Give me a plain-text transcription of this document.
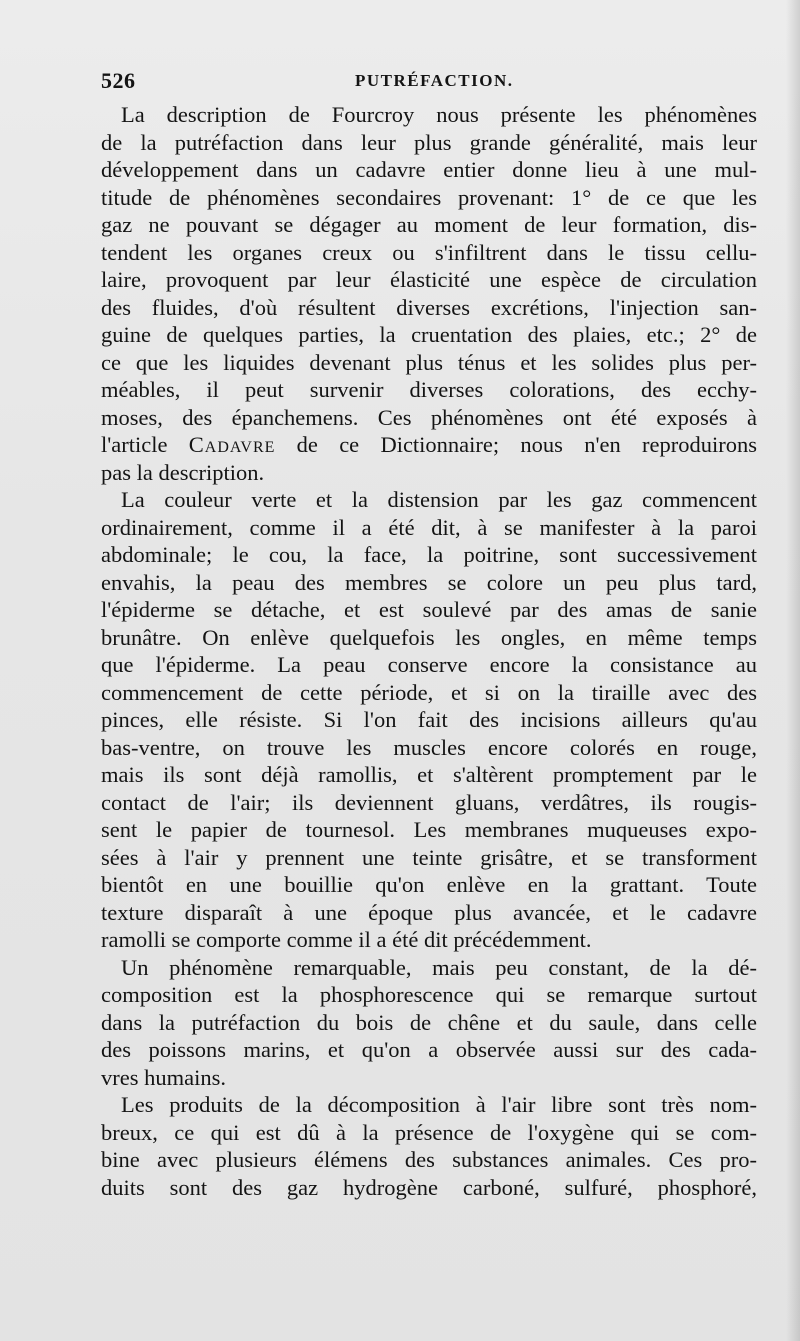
526	PUTRÉFACTION.
La description de Fourcroy nous présente les phénomènes
de la putréfaction dans leur plus grande généralité, mais leur
développement dans un cadavre entier donne lieu à une mul-
titude de phénomènes secondaires provenant: 1° de ce que les
gaz ne pouvant se dégager au moment de leur formation, dis-
tendent les organes creux ou s'infiltrent dans le tissu cellu-
laire, provoquent par leur élasticité une espèce de circulation
des fluides, d'où résultent diverses excrétions, l'injection san-
guine de quelques parties, la cruentation des plaies, etc.; 2° de
ce que les liquides devenant plus ténus et les solides plus per-
méables, il peut survenir diverses colorations, des ecchy-
moses, des épanchemens. Ces phénomènes ont été exposés à
l'article Cadavre de ce Dictionnaire; nous n'en reproduirons
pas la description.
La couleur verte et la distension par les gaz commencent
ordinairement, comme il a été dit, à se manifester à la paroi
abdominale; le cou, la face, la poitrine, sont successivement
envahis, la peau des membres se colore un peu plus tard,
l'épiderme se détache, et est soulevé par des amas de sanie
brunâtre. On enlève quelquefois les ongles, en même temps
que l'épiderme. La peau conserve encore la consistance au
commencement de cette période, et si on la tiraille avec des
pinces, elle résiste. Si l'on fait des incisions ailleurs qu'au
bas-ventre, on trouve les muscles encore colorés en rouge,
mais ils sont déjà ramollis, et s'altèrent promptement par le
contact de l'air; ils deviennent gluans, verdâtres, ils rougis-
sent le papier de tournesol. Les membranes muqueuses expo-
sées à l'air y prennent une teinte grisâtre, et se transforment
bientôt en une bouillie qu'on enlève en la grattant. Toute
texture disparaît à une époque plus avancée, et le cadavre
ramolli se comporte comme il a été dit précédemment.
Un phénomène remarquable, mais peu constant, de la dé-
composition est la phosphorescence qui se remarque surtout
dans la putréfaction du bois de chêne et du saule, dans celle
des poissons marins, et qu'on a observée aussi sur des cada-
vres humains.
Les produits de la décomposition à l'air libre sont très nom-
breux, ce qui est dû à la présence de l'oxygène qui se com-
bine avec plusieurs élémens des substances animales. Ces pro-
duits sont des gaz hydrogène carboné, sulfuré, phosphoré,
